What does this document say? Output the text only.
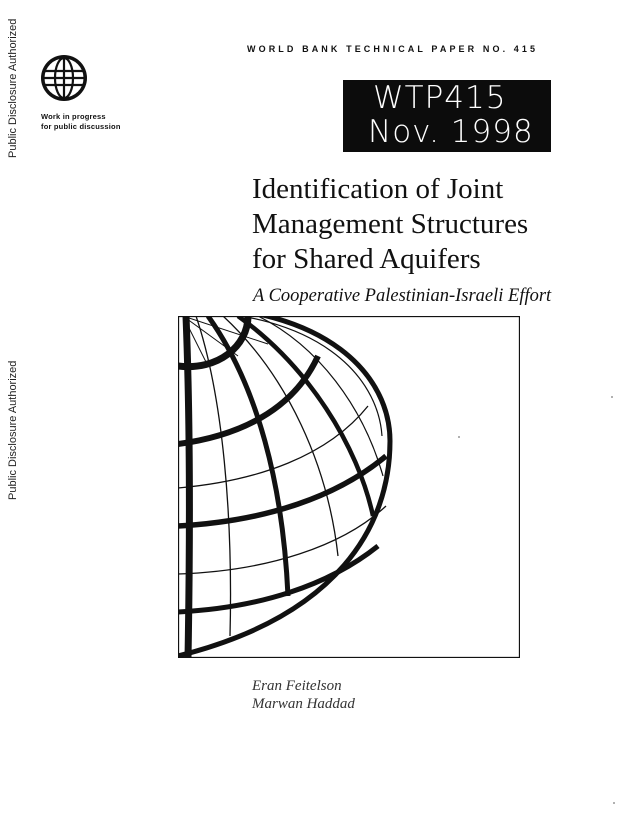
Public Disclosure Authorized
Public Disclosure Authorized
Work in progress
for public discussion
WORLD BANK TECHNICAL PAPER NO. 415
WTP415
Nov. 1998
Identification of Joint
Management Structures
for Shared Aquifers
A Cooperative Palestinian-Israeli Effort
Eran Feitelson
Marwan Haddad
